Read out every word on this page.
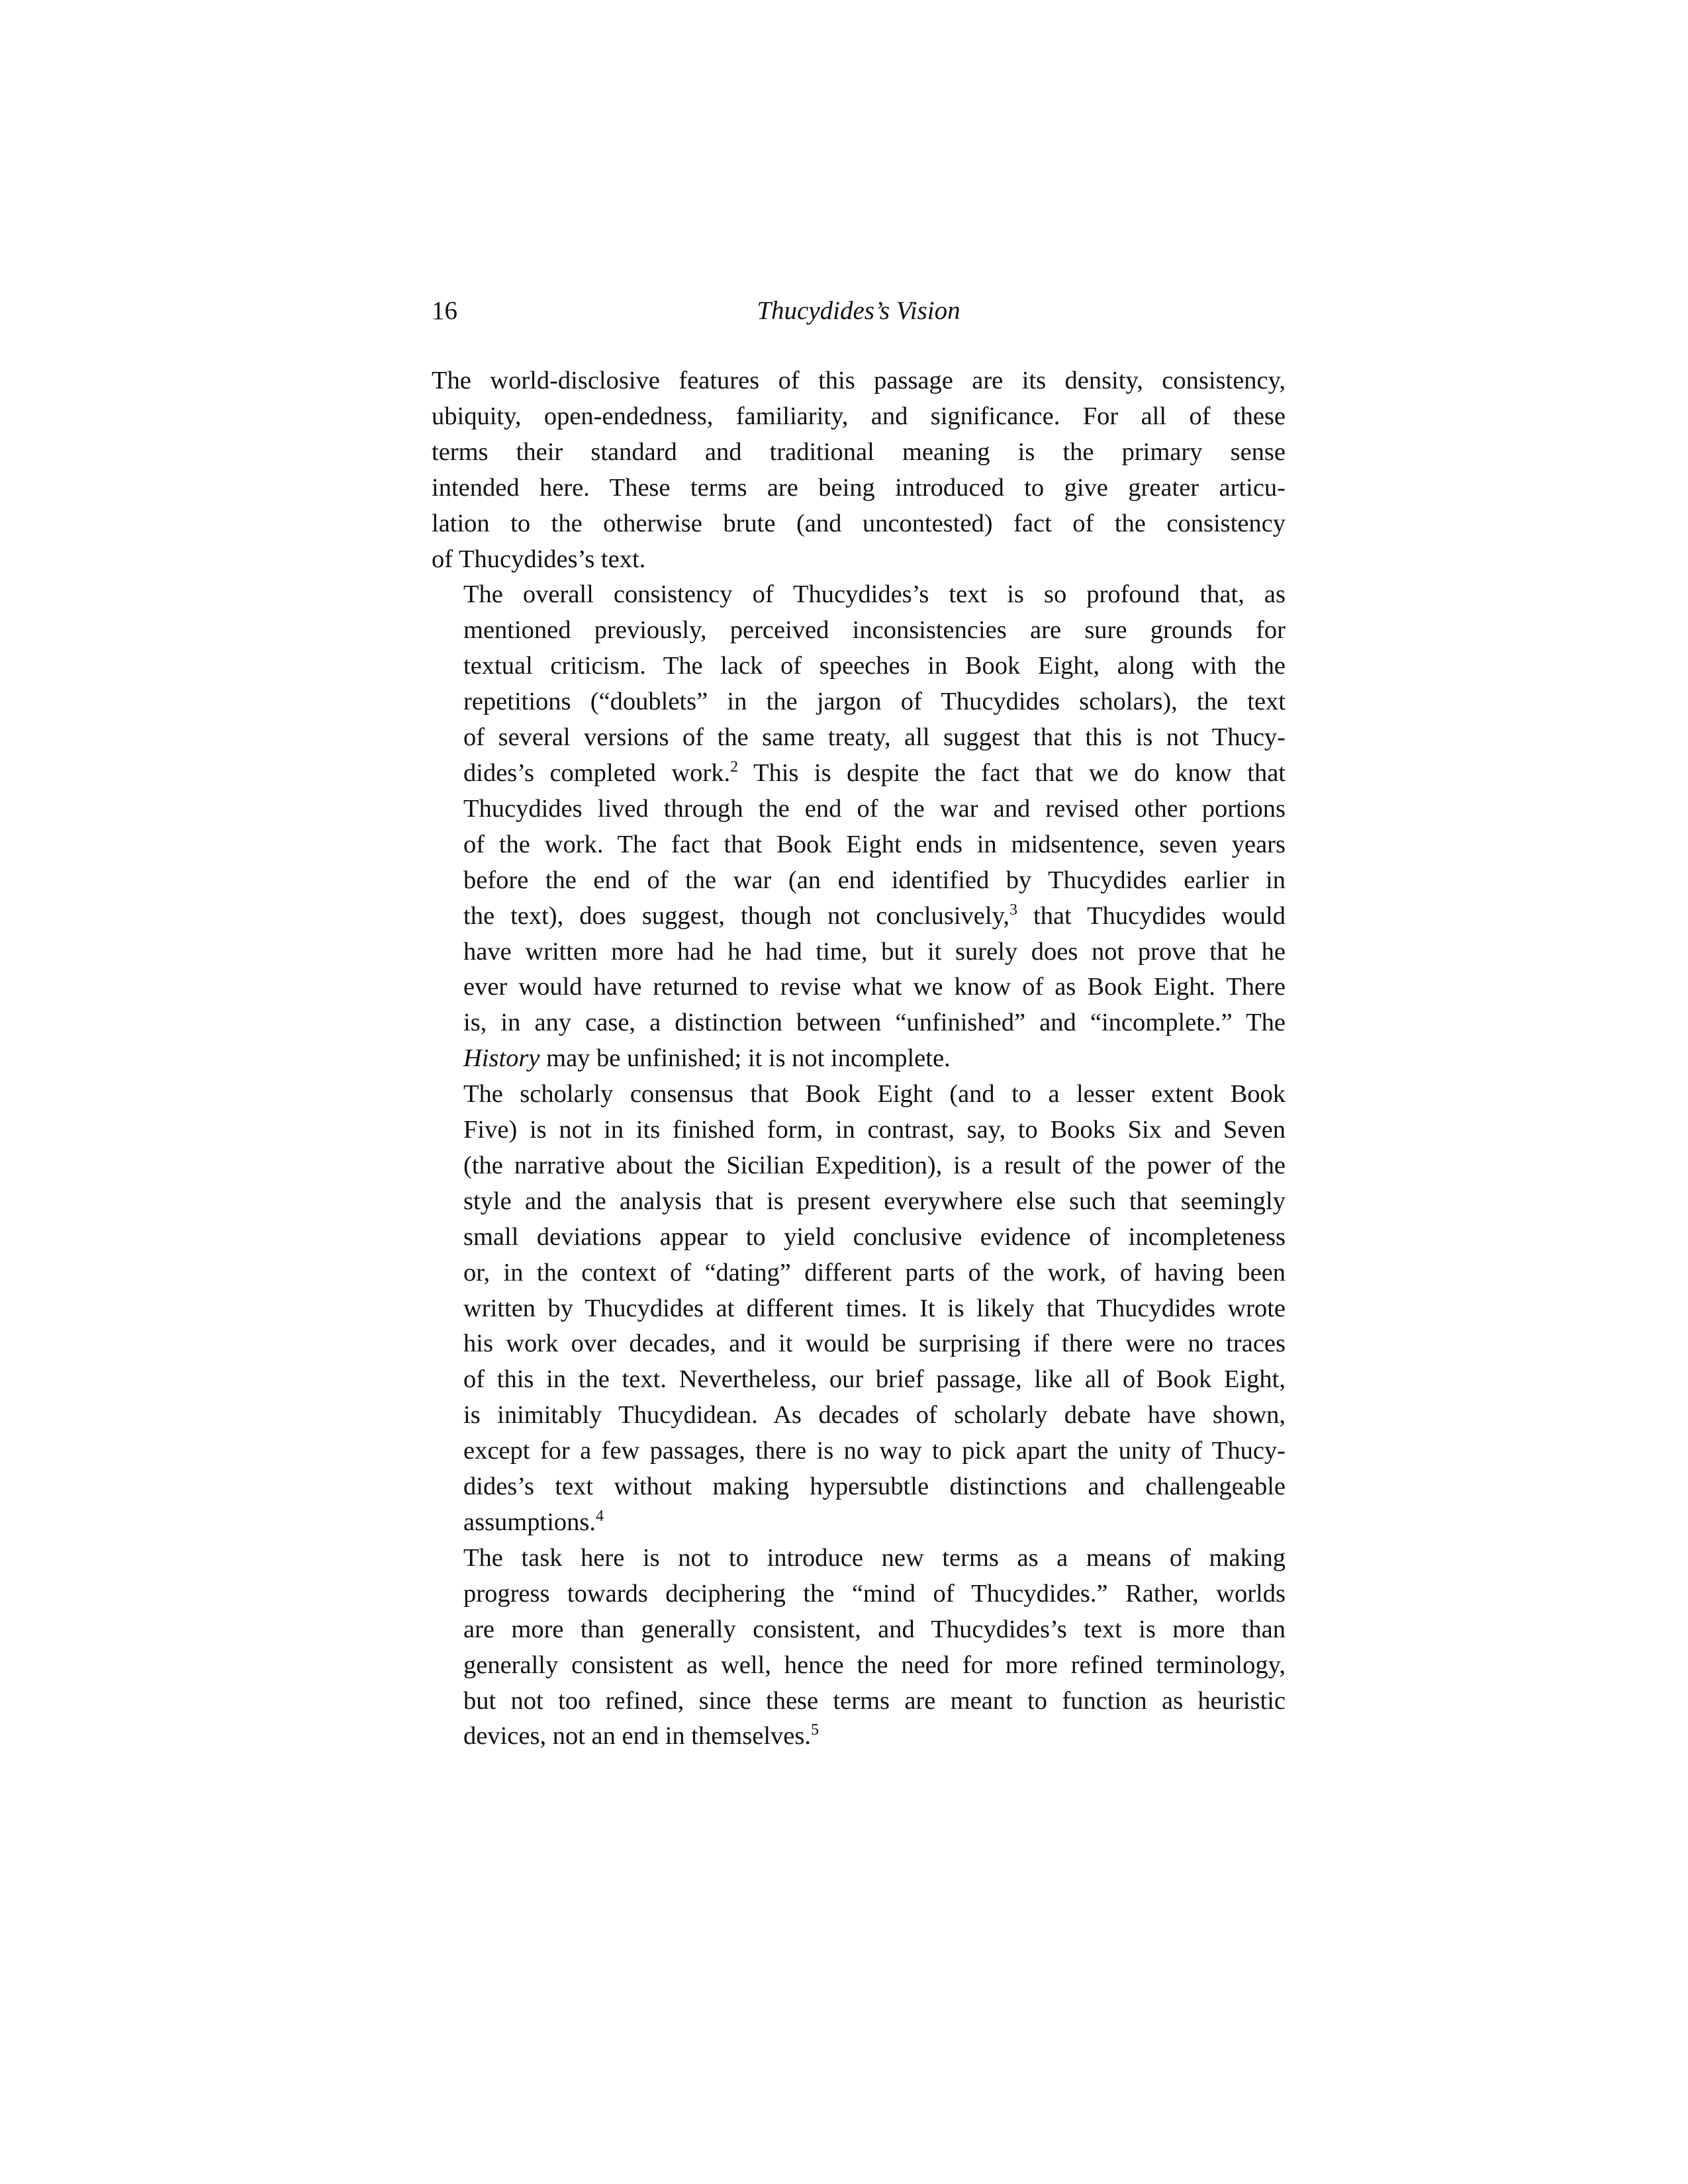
16	Thucydides’s Vision

The world-disclosive features of this passage are its density, consistency,
ubiquity, open-endedness, familiarity, and significance. For all of these
terms their standard and traditional meaning is the primary sense
intended here. These terms are being introduced to give greater articu-
lation to the otherwise brute (and uncontested) fact of the consistency
of Thucydides’s text.

The overall consistency of Thucydides’s text is so profound that, as
mentioned previously, perceived inconsistencies are sure grounds for
textual criticism. The lack of speeches in Book Eight, along with the
repetitions (“doublets” in the jargon of Thucydides scholars), the text
of several versions of the same treaty, all suggest that this is not Thucy-
dides’s completed work.$^2$ This is despite the fact that we do know that
Thucydides lived through the end of the war and revised other portions
of the work. The fact that Book Eight ends in midsentence, seven years
before the end of the war (an end identified by Thucydides earlier in
the text), does suggest, though not conclusively,$^3$ that Thucydides would
have written more had he had time, but it surely does not prove that he
ever would have returned to revise what we know of as Book Eight. There
is, in any case, a distinction between “unfinished” and “incomplete.” The
History may be unfinished; it is not incomplete.

The scholarly consensus that Book Eight (and to a lesser extent Book
Five) is not in its finished form, in contrast, say, to Books Six and Seven
(the narrative about the Sicilian Expedition), is a result of the power of the
style and the analysis that is present everywhere else such that seemingly
small deviations appear to yield conclusive evidence of incompleteness
or, in the context of “dating” different parts of the work, of having been
written by Thucydides at different times. It is likely that Thucydides wrote
his work over decades, and it would be surprising if there were no traces
of this in the text. Nevertheless, our brief passage, like all of Book Eight,
is inimitably Thucydidean. As decades of scholarly debate have shown,
except for a few passages, there is no way to pick apart the unity of Thucy-
dides’s text without making hypersubtle distinctions and challengeable
assumptions.$^4$

The task here is not to introduce new terms as a means of making
progress towards deciphering the “mind of Thucydides.” Rather, worlds
are more than generally consistent, and Thucydides’s text is more than
generally consistent as well, hence the need for more refined terminology,
but not too refined, since these terms are meant to function as heuristic
devices, not an end in themselves.$^5$
